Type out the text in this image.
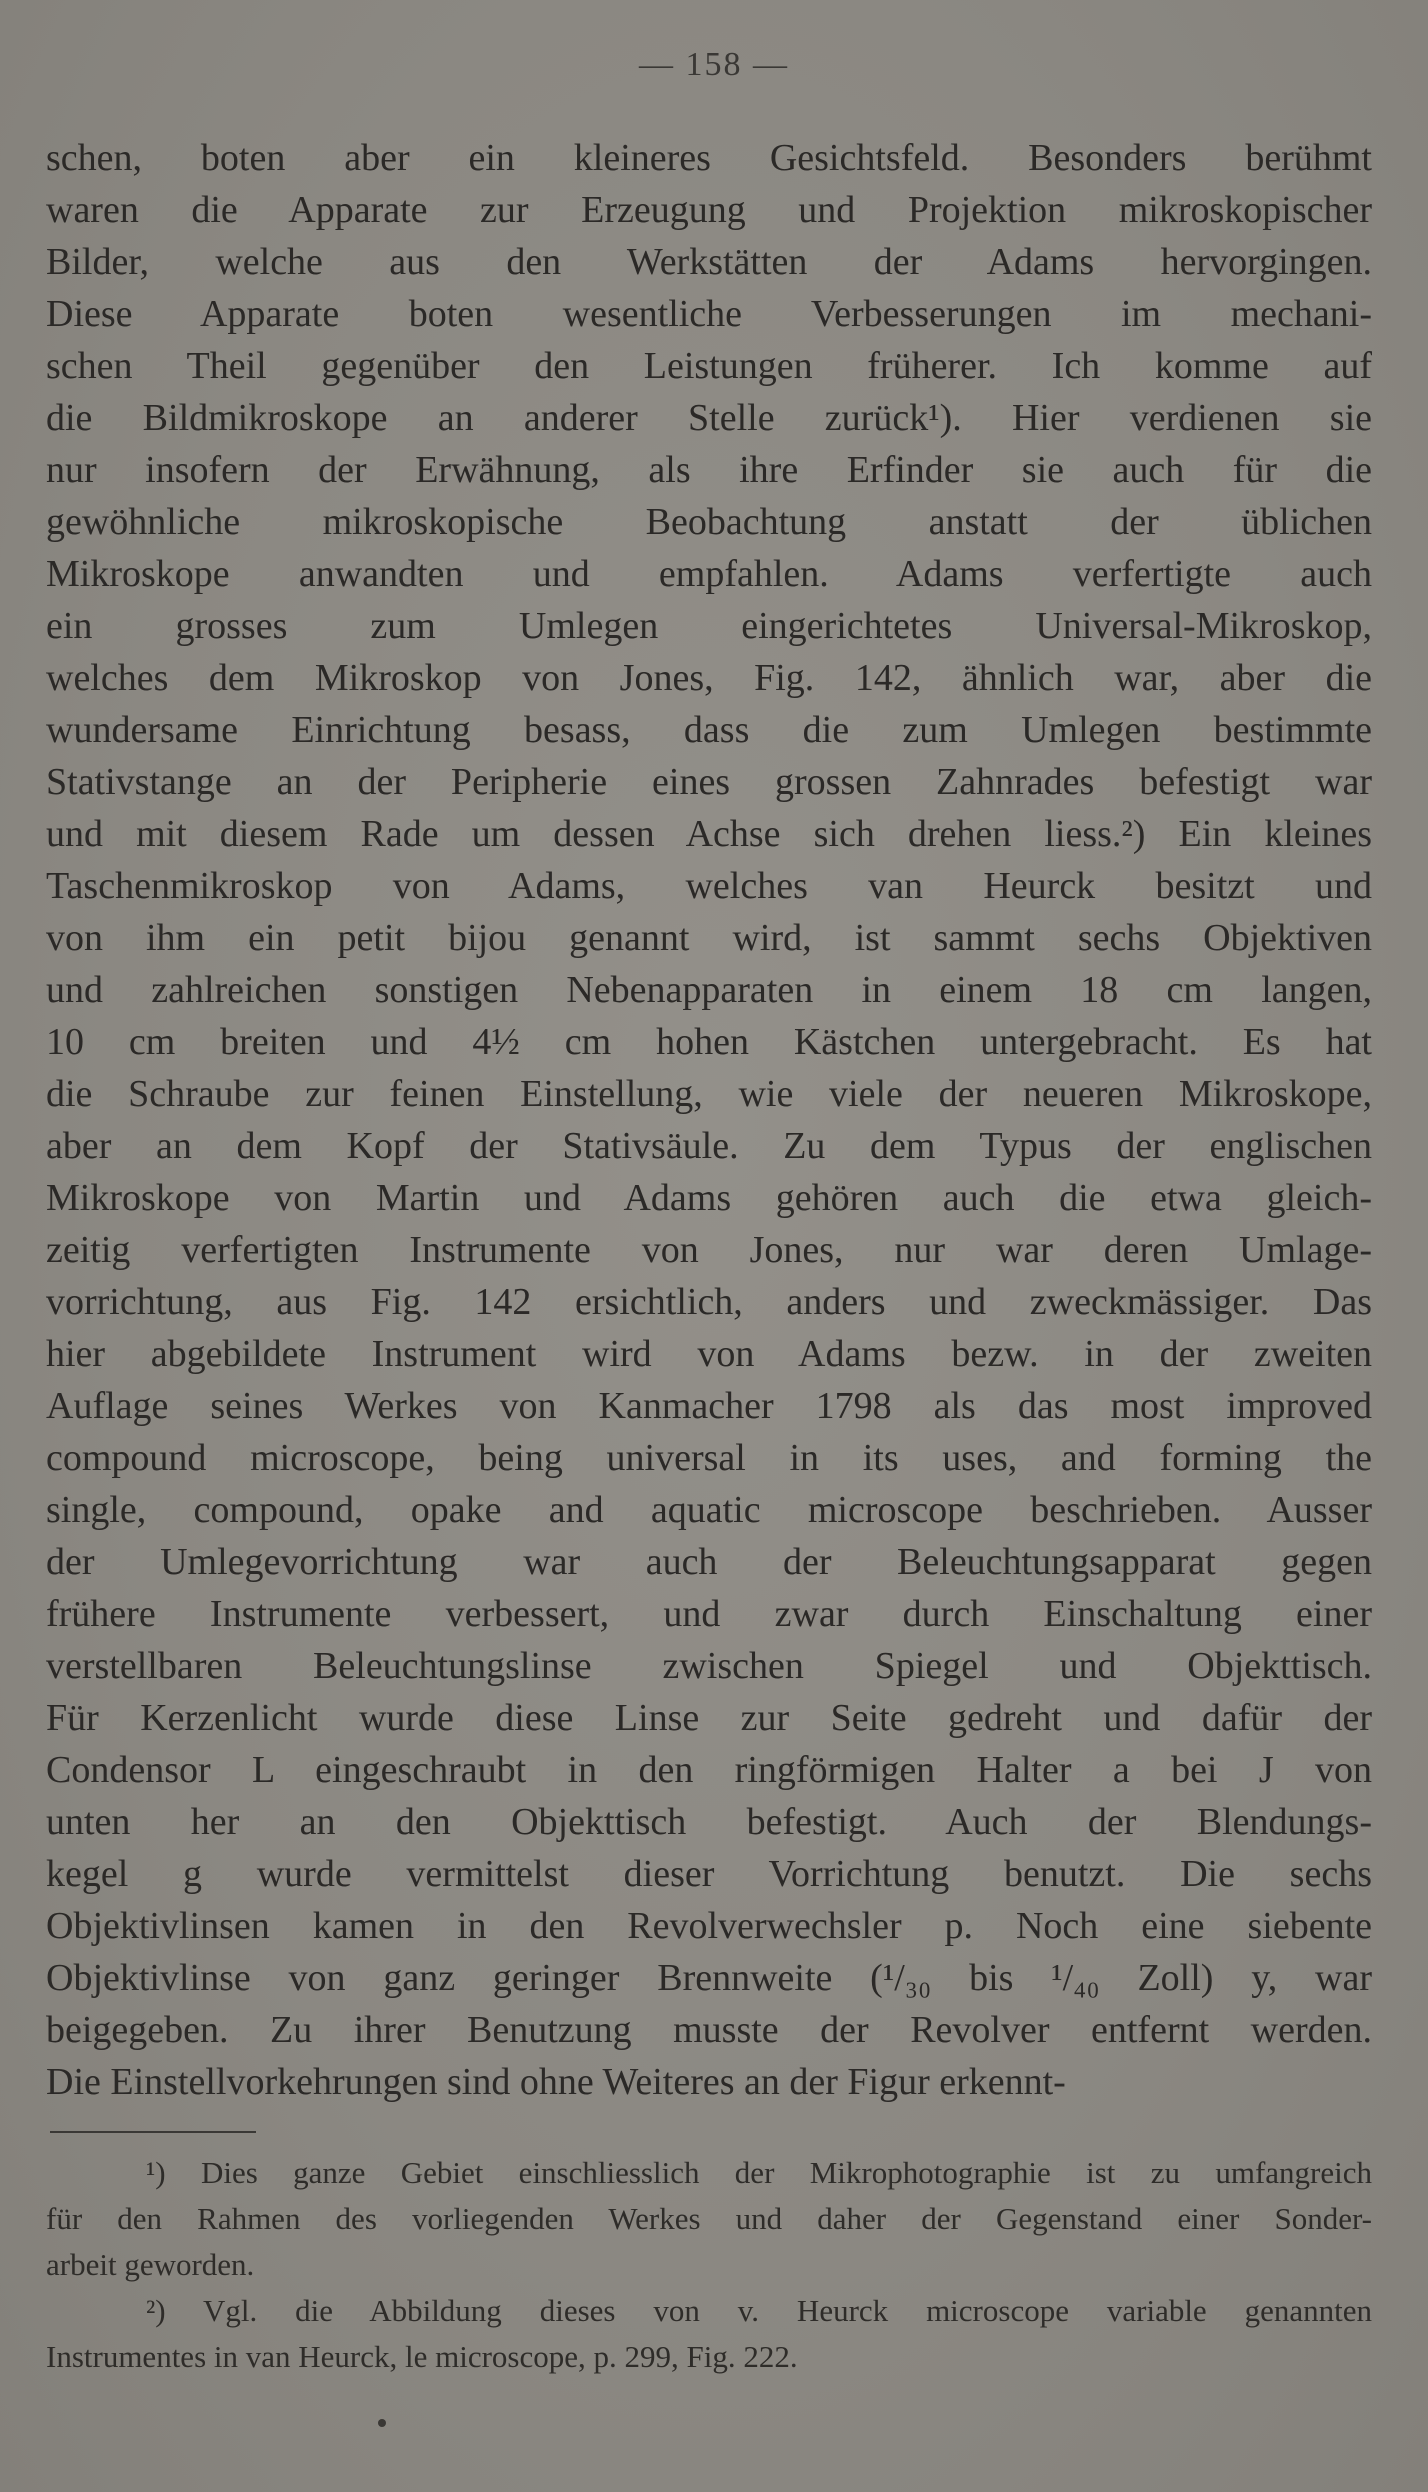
— 158 —
schen, boten aber ein kleineres Gesichtsfeld. Besonders berühmt
waren die Apparate zur Erzeugung und Projektion mikroskopischer
Bilder, welche aus den Werkstätten der Adams hervorgingen.
Diese Apparate boten wesentliche Verbesserungen im mechani-
schen Theil gegenüber den Leistungen früherer. Ich komme auf
die Bildmikroskope an anderer Stelle zurück¹). Hier verdienen sie
nur insofern der Erwähnung, als ihre Erfinder sie auch für die
gewöhnliche mikroskopische Beobachtung anstatt der üblichen
Mikroskope anwandten und empfahlen. Adams verfertigte auch
ein grosses zum Umlegen eingerichtetes Universal-Mikroskop,
welches dem Mikroskop von Jones, Fig. 142, ähnlich war, aber die
wundersame Einrichtung besass, dass die zum Umlegen bestimmte
Stativstange an der Peripherie eines grossen Zahnrades befestigt war
und mit diesem Rade um dessen Achse sich drehen liess.²) Ein kleines
Taschenmikroskop von Adams, welches van Heurck besitzt und
von ihm ein petit bijou genannt wird, ist sammt sechs Objektiven
und zahlreichen sonstigen Nebenapparaten in einem 18 cm langen,
10 cm breiten und 4½ cm hohen Kästchen untergebracht. Es hat
die Schraube zur feinen Einstellung, wie viele der neueren Mikroskope,
aber an dem Kopf der Stativsäule. Zu dem Typus der englischen
Mikroskope von Martin und Adams gehören auch die etwa gleich-
zeitig verfertigten Instrumente von Jones, nur war deren Umlage-
vorrichtung, aus Fig. 142 ersichtlich, anders und zweckmässiger. Das
hier abgebildete Instrument wird von Adams bezw. in der zweiten
Auflage seines Werkes von Kanmacher 1798 als das most improved
compound microscope, being universal in its uses, and forming the
single, compound, opake and aquatic microscope beschrieben. Ausser
der Umlegevorrichtung war auch der Beleuchtungsapparat gegen
frühere Instrumente verbessert, und zwar durch Einschaltung einer
verstellbaren Beleuchtungslinse zwischen Spiegel und Objekttisch.
Für Kerzenlicht wurde diese Linse zur Seite gedreht und dafür der
Condensor L eingeschraubt in den ringförmigen Halter a bei J von
unten her an den Objekttisch befestigt. Auch der Blendungs-
kegel g wurde vermittelst dieser Vorrichtung benutzt. Die sechs
Objektivlinsen kamen in den Revolverwechsler p. Noch eine siebente
Objektivlinse von ganz geringer Brennweite (¹/₃₀ bis ¹/₄₀ Zoll) y, war
beigegeben. Zu ihrer Benutzung musste der Revolver entfernt werden.
Die Einstellvorkehrungen sind ohne Weiteres an der Figur erkennt-
¹) Dies ganze Gebiet einschliesslich der Mikrophotographie ist zu umfangreich
für den Rahmen des vorliegenden Werkes und daher der Gegenstand einer Sonder-
arbeit geworden.
²) Vgl. die Abbildung dieses von v. Heurck microscope variable genannten
Instrumentes in van Heurck, le microscope, p. 299, Fig. 222.
